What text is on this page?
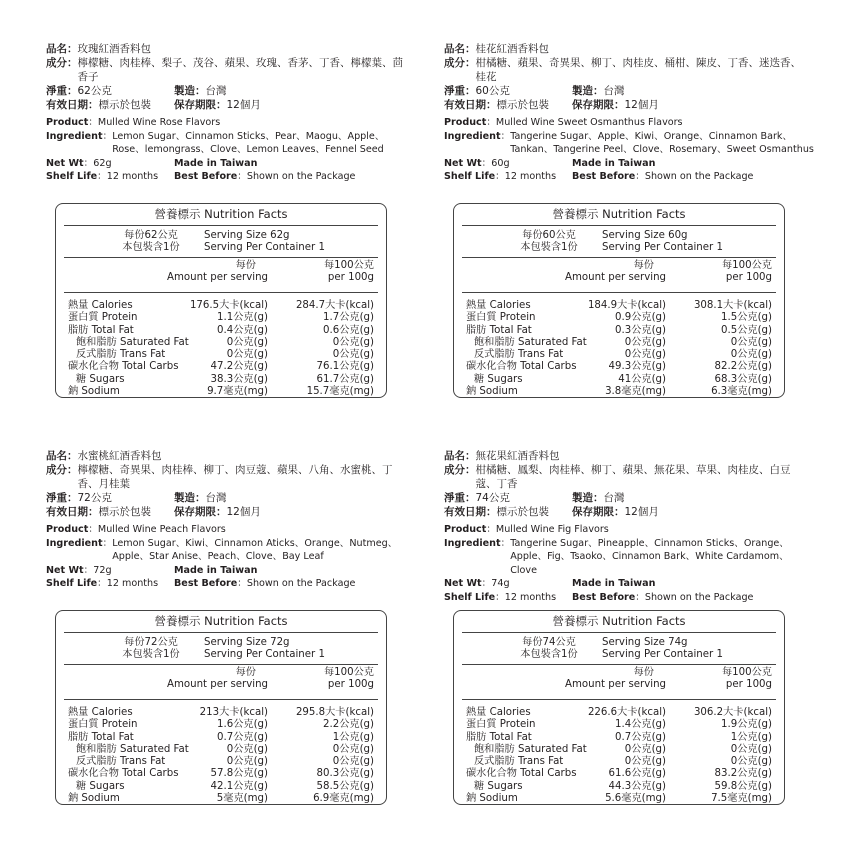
品名： 玫瑰紅酒香料包
成分： 檸檬糖、肉桂棒、梨子、茂谷、蘋果、玫瑰、香茅、丁香、檸檬葉、茴香子
淨重：62公克	製造：台灣
有效日期：標示於包裝	保存期限：12個月
Product：Mulled Wine Rose Flavors
Ingredient： Lemon Sugar、Cinnamon Sticks、Pear、Maogu、Apple、Rose、lemongrass、Clove、Lemon Leaves、Fennel Seed
Net Wt：62g	Made in Taiwan
Shelf Life：12 months	Best Before：Shown on the Package
營養標示 Nutrition Facts
每份62公克
本包裝含1份
Serving Size 62g
Serving Per Container 1
每份
Amount per serving
每100公克
per 100g
熱量 Calories	176.5大卡(kcal)	284.7大卡(kcal)
蛋白質 Protein	1.1公克(g)	1.7公克(g)
脂肪 Total Fat	0.4公克(g)	0.6公克(g)
飽和脂肪 Saturated Fat	0公克(g)	0公克(g)
反式脂肪 Trans Fat	0公克(g)	0公克(g)
碳水化合物 Total Carbs	47.2公克(g)	76.1公克(g)
糖 Sugars	38.3公克(g)	61.7公克(g)
鈉 Sodium	9.7毫克(mg)	15.7毫克(mg)
品名： 桂花紅酒香料包
成分： 柑橘糖、蘋果、奇異果、柳丁、肉桂皮、桶柑、陳皮、丁香、迷迭香、桂花
淨重：60公克	製造：台灣
有效日期：標示於包裝	保存期限：12個月
Product：Mulled Wine Sweet Osmanthus Flavors
Ingredient： Tangerine Sugar、Apple、Kiwi、Orange、Cinnamon Bark、Tankan、Tangerine Peel、Clove、Rosemary、Sweet Osmanthus
Net Wt：60g	Made in Taiwan
Shelf Life：12 months	Best Before：Shown on the Package
營養標示 Nutrition Facts
每份60公克
本包裝含1份
Serving Size 60g
Serving Per Container 1
每份
Amount per serving
每100公克
per 100g
熱量 Calories	184.9大卡(kcal)	308.1大卡(kcal)
蛋白質 Protein	0.9公克(g)	1.5公克(g)
脂肪 Total Fat	0.3公克(g)	0.5公克(g)
飽和脂肪 Saturated Fat	0公克(g)	0公克(g)
反式脂肪 Trans Fat	0公克(g)	0公克(g)
碳水化合物 Total Carbs	49.3公克(g)	82.2公克(g)
糖 Sugars	41公克(g)	68.3公克(g)
鈉 Sodium	3.8毫克(mg)	6.3毫克(mg)
品名： 水蜜桃紅酒香料包
成分： 檸檬糖、奇異果、肉桂棒、柳丁、肉豆蔻、蘋果、八角、水蜜桃、丁香、月桂葉
淨重：72公克	製造：台灣
有效日期：標示於包裝	保存期限：12個月
Product：Mulled Wine Peach Flavors
Ingredient： Lemon Sugar、Kiwi、Cinnamon Aticks、Orange、Nutmeg、Apple、Star Anise、Peach、Clove、Bay Leaf
Net Wt：72g	Made in Taiwan
Shelf Life：12 months	Best Before：Shown on the Package
營養標示 Nutrition Facts
每份72公克
本包裝含1份
Serving Size 72g
Serving Per Container 1
每份
Amount per serving
每100公克
per 100g
熱量 Calories	213大卡(kcal)	295.8大卡(kcal)
蛋白質 Protein	1.6公克(g)	2.2公克(g)
脂肪 Total Fat	0.7公克(g)	1公克(g)
飽和脂肪 Saturated Fat	0公克(g)	0公克(g)
反式脂肪 Trans Fat	0公克(g)	0公克(g)
碳水化合物 Total Carbs	57.8公克(g)	80.3公克(g)
糖 Sugars	42.1公克(g)	58.5公克(g)
鈉 Sodium	5毫克(mg)	6.9毫克(mg)
品名： 無花果紅酒香料包
成分： 柑橘糖、鳳梨、肉桂棒、柳丁、蘋果、無花果、草果、肉桂皮、白豆蔻、丁香
淨重：74公克	製造：台灣
有效日期：標示於包裝	保存期限：12個月
Product：Mulled Wine Fig Flavors
Ingredient： Tangerine Sugar、Pineapple、Cinnamon Sticks、Orange、Apple、Fig、Tsaoko、Cinnamon Bark、White Cardamom、Clove
Net Wt：74g	Made in Taiwan
Shelf Life：12 months	Best Before：Shown on the Package
營養標示 Nutrition Facts
每份74公克
本包裝含1份
Serving Size 74g
Serving Per Container 1
每份
Amount per serving
每100公克
per 100g
熱量 Calories	226.6大卡(kcal)	306.2大卡(kcal)
蛋白質 Protein	1.4公克(g)	1.9公克(g)
脂肪 Total Fat	0.7公克(g)	1公克(g)
飽和脂肪 Saturated Fat	0公克(g)	0公克(g)
反式脂肪 Trans Fat	0公克(g)	0公克(g)
碳水化合物 Total Carbs	61.6公克(g)	83.2公克(g)
糖 Sugars	44.3公克(g)	59.8公克(g)
鈉 Sodium	5.6毫克(mg)	7.5毫克(mg)
